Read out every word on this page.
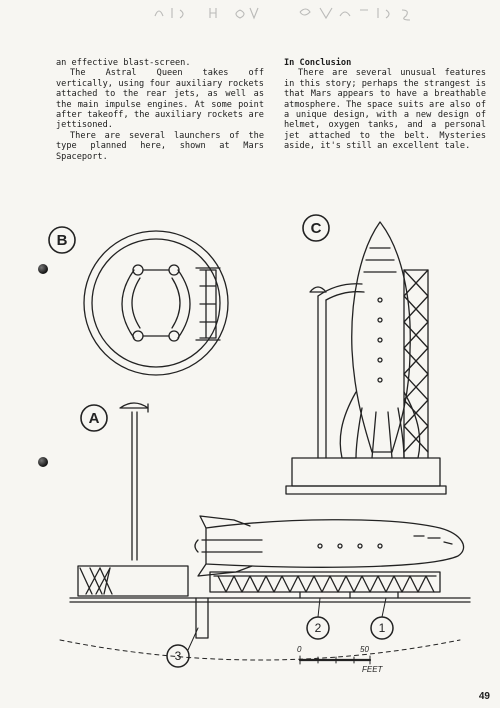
an effective blast-screen.

The Astral Queen takes off vertically, using four auxiliary rockets attached to the rear jets, as well as the main impulse engines. At some point after takeoff, the auxiliary rockets are jettisoned.

There are several launchers of the type planned here, shown at Mars Spaceport.

In Conclusion

There are several unusual features in this story; perhaps the strangest is that Mars appears to have a breathable atmosphere. The space suits are also of a unique design, with a new design of helmet, oxygen tanks, and a personal jet attached to the belt. Mysteries aside, it's still an excellent tale.

B
C
A
1
2
3	0	50
FEET
49
